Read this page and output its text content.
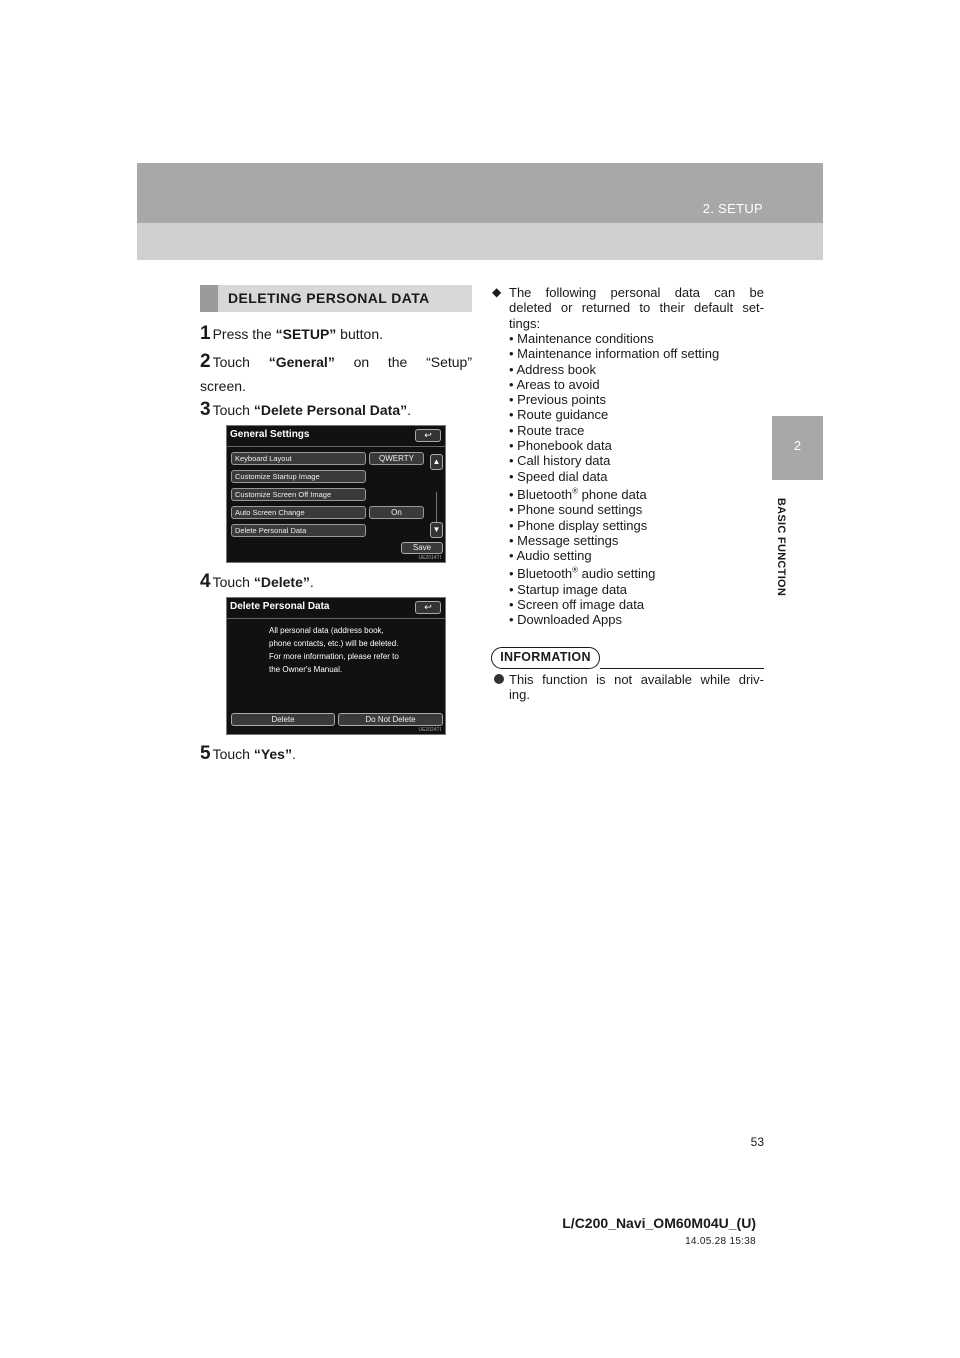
2. SETUP
2
BASIC FUNCTION
DELETING PERSONAL DATA
1 Press the “SETUP” button.
2 Touch “General” on the “Setup”
screen.
3 Touch “Delete Personal Data”.
General Settings	↩
Keyboard Layout	QWERTY
Customize Startup Image
Customize Screen Off Image
Auto Screen Change	On
Delete Personal Data
▲
▼
Save
UE2014TI
4 Touch “Delete”.
Delete Personal Data	↩
All personal data (address book,
phone contacts, etc.) will be deleted.
For more information, please refer to
the Owner's Manual.
Delete	Do Not Delete
UE2024TI
5 Touch “Yes”.
◆ The following personal data can be
deleted or returned to their default set-
tings:
• Maintenance conditions
• Maintenance information off setting
• Address book
• Areas to avoid
• Previous points
• Route guidance
• Route trace
• Phonebook data
• Call history data
• Speed dial data
• Bluetooth® phone data
• Phone sound settings
• Phone display settings
• Message settings
• Audio setting
• Bluetooth® audio setting
• Startup image data
• Screen off image data
• Downloaded Apps
INFORMATION
This function is not available while driv-
ing.
53
L/C200_Navi_OM60M04U_(U)
14.05.28 15:38
